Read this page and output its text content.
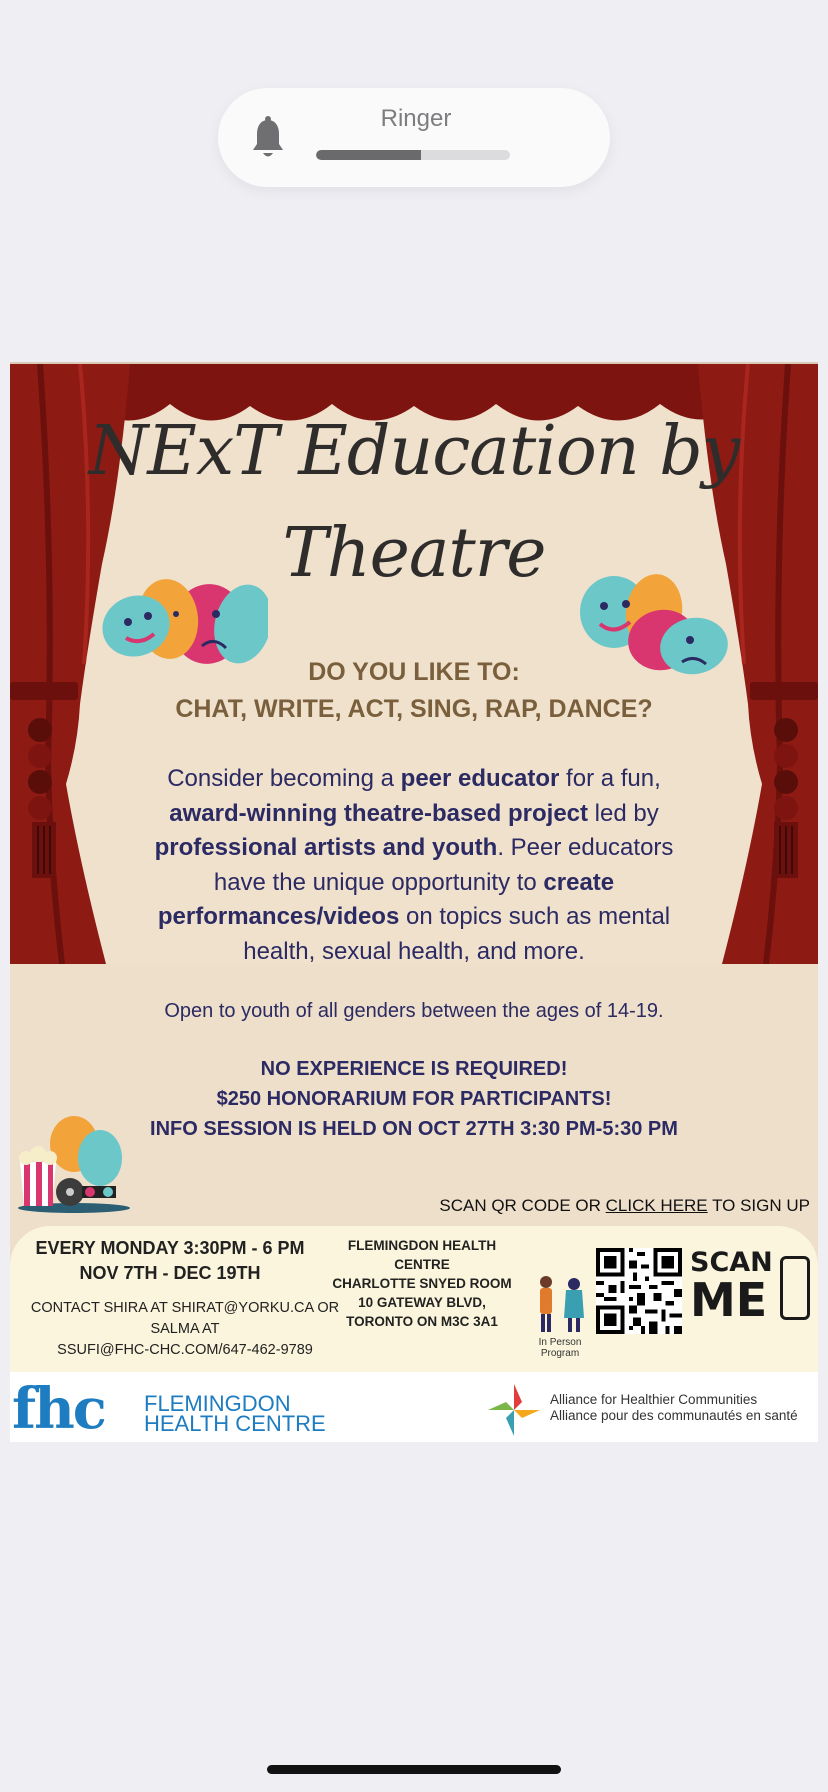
Ringer
NExT Education by
Theatre
DO YOU LIKE TO:
CHAT, WRITE, ACT, SING, RAP, DANCE?
Consider becoming a peer educator for a fun, award-winning theatre-based project led by professional artists and youth. Peer educators have the unique opportunity to create performances/videos on topics such as mental health, sexual health, and more.
Open to youth of all genders between the ages of 14-19.
NO EXPERIENCE IS REQUIRED!
$250 HONORARIUM FOR PARTICIPANTS!
INFO SESSION IS HELD ON OCT 27TH 3:30 PM-5:30 PM
SCAN QR CODE OR CLICK HERE TO SIGN UP
EVERY MONDAY 3:30PM - 6 PM
NOV 7TH - DEC 19TH
CONTACT SHIRA AT SHIRAT@YORKU.CA OR
SALMA AT
SSUFI@FHC-CHC.COM/647-462-9789
FLEMINGDON HEALTH
CENTRE
CHARLOTTE SNYED ROOM
10 GATEWAY BLVD,
TORONTO ON M3C 3A1
In Person
Program
SCAN
ME
fhc FLEMINGDON
HEALTH CENTRE
Alliance for Healthier Communities
Alliance pour des communautés en santé
